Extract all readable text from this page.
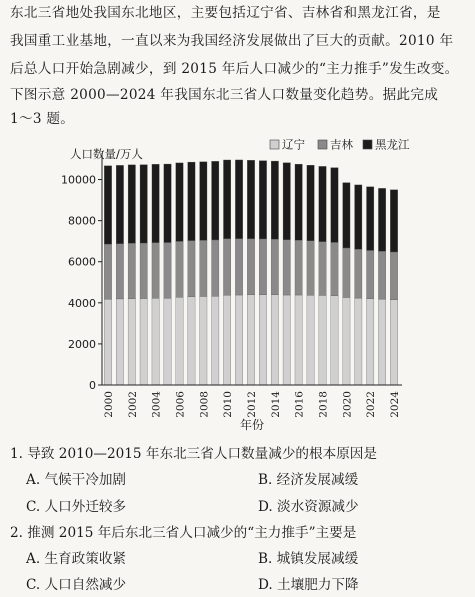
东北三省地处我国东北地区，主要包括辽宁省、吉林省和黑龙江省，是
我国重工业基地，一直以来为我国经济发展做出了巨大的贡献。2010 年
后总人口开始急剧减少，到 2015 年后人口减少的“主力推手”发生改变。
下图示意 2000—2024 年我国东北三省人口数量变化趋势。据此完成
1～3 题。
辽宁 吉林 黑龙江
人口数量/万人
0
2000
4000
6000
8000
10000
2000 2002 2004 2006 2008 2010 2012 2014 2016 2018 2020 2022 2024
年份
1. 导致 2010—2015 年东北三省人口数量减少的根本原因是
A. 气候干冷加剧	B. 经济发展减缓
C. 人口外迁较多	D. 淡水资源减少
2. 推测 2015 年后东北三省人口减少的“主力推手”主要是
A. 生育政策收紧	B. 城镇发展减缓
C. 人口自然减少	D. 土壤肥力下降
